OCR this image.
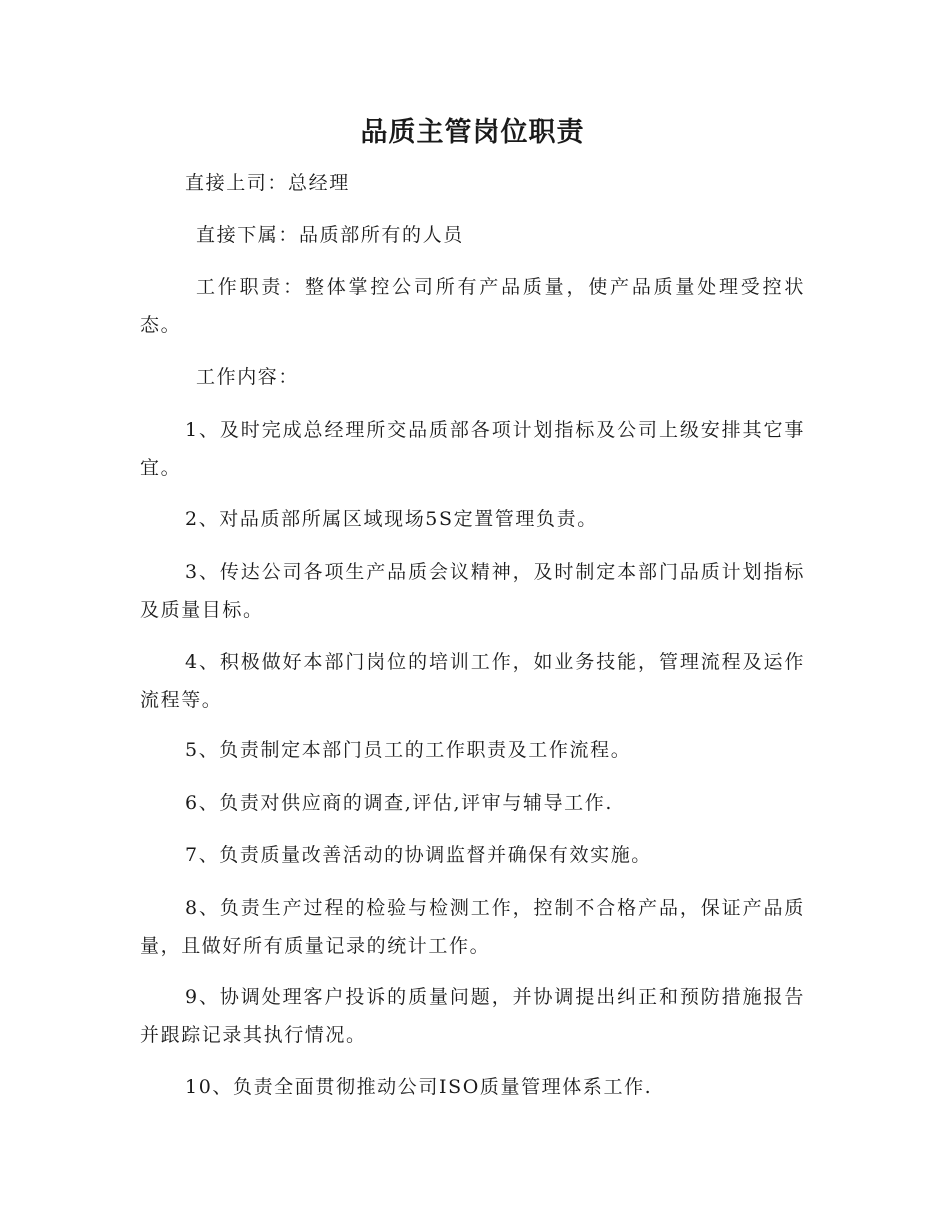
品质主管岗位职责

直接上司：总经理

直接下属：品质部所有的人员

工作职责：整体掌控公司所有产品质量，使产品质量处理受控状态。

工作内容：

1、及时完成总经理所交品质部各项计划指标及公司上级安排其它事宜。

2、对品质部所属区域现场5S定置管理负责。

3、传达公司各项生产品质会议精神，及时制定本部门品质计划指标及质量目标。

4、积极做好本部门岗位的培训工作，如业务技能，管理流程及运作流程等。

5、负责制定本部门员工的工作职责及工作流程。

6、负责对供应商的调查,评估,评审与辅导工作.

7、负责质量改善活动的协调监督并确保有效实施。

8、负责生产过程的检验与检测工作，控制不合格产品，保证产品质量，且做好所有质量记录的统计工作。

9、协调处理客户投诉的质量问题，并协调提出纠正和预防措施报告并跟踪记录其执行情况。

10、负责全面贯彻推动公司ISO质量管理体系工作.
